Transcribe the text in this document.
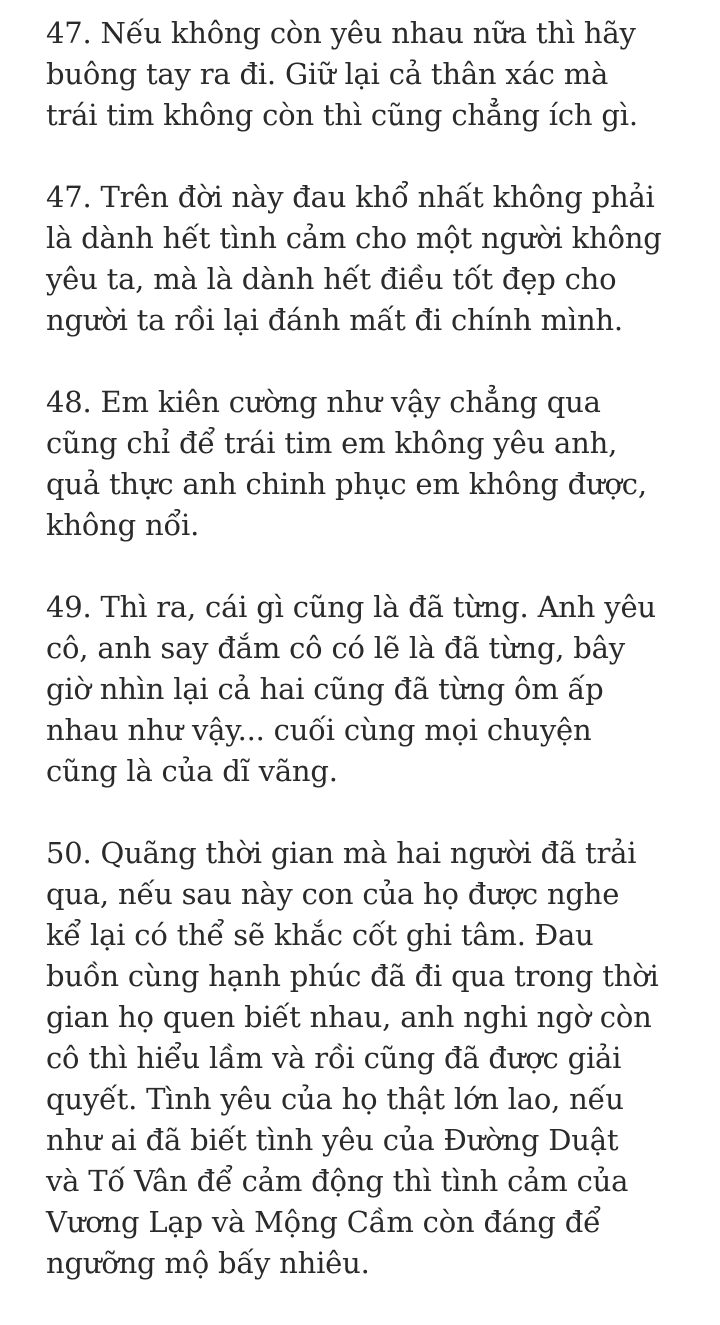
47. Nếu không còn yêu nhau nữa thì hãy
buông tay ra đi. Giữ lại cả thân xác mà
trái tim không còn thì cũng chẳng ích gì.

47. Trên đời này đau khổ nhất không phải
là dành hết tình cảm cho một người không
yêu ta, mà là dành hết điều tốt đẹp cho
người ta rồi lại đánh mất đi chính mình.

48. Em kiên cường như vậy chẳng qua
cũng chỉ để trái tim em không yêu anh,
quả thực anh chinh phục em không được,
không nổi.

49. Thì ra, cái gì cũng là đã từng. Anh yêu
cô, anh say đắm cô có lẽ là đã từng, bây
giờ nhìn lại cả hai cũng đã từng ôm ấp
nhau như vậy... cuối cùng mọi chuyện
cũng là của dĩ vãng.

50. Quãng thời gian mà hai người đã trải
qua, nếu sau này con của họ được nghe
kể lại có thể sẽ khắc cốt ghi tâm. Đau
buồn cùng hạnh phúc đã đi qua trong thời
gian họ quen biết nhau, anh nghi ngờ còn
cô thì hiểu lầm và rồi cũng đã được giải
quyết. Tình yêu của họ thật lớn lao, nếu
như ai đã biết tình yêu của Đường Duật
và Tố Vân để cảm động thì tình cảm của
Vương Lạp và Mộng Cầm còn đáng để
ngưỡng mộ bấy nhiêu.
